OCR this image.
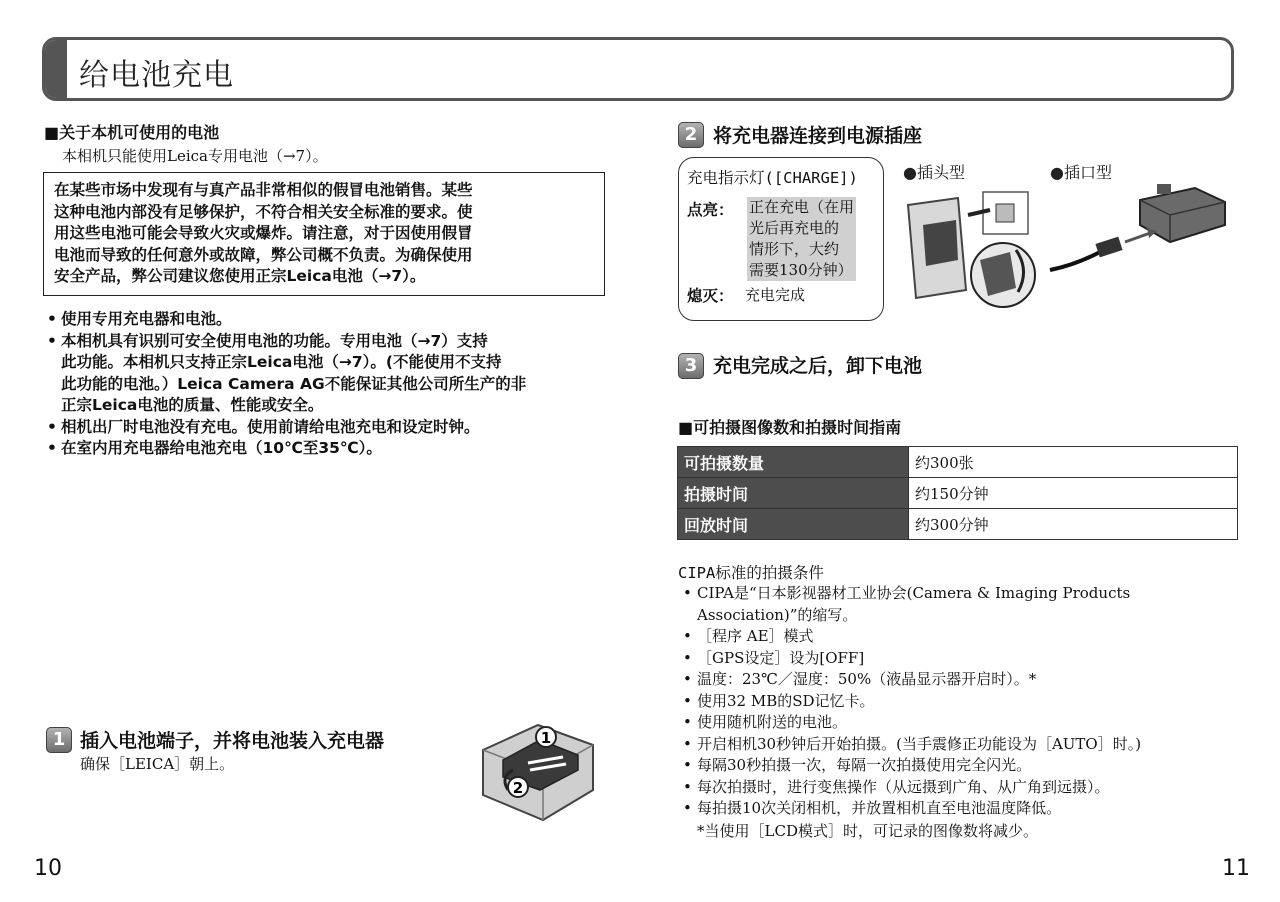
给电池充电
■关于本机可使用的电池
本相机只能使用Leica专用电池（→7）。
在某些市场中发现有与真产品非常相似的假冒电池销售。某些
这种电池内部没有足够保护，不符合相关安全标准的要求。使
用这些电池可能会导致火灾或爆炸。请注意，对于因使用假冒
电池而导致的任何意外或故障，弊公司概不负责。为确保使用
安全产品，弊公司建议您使用正宗Leica电池（→7）。
• 使用专用充电器和电池。
• 本相机具有识别可安全使用电池的功能。专用电池（→7）支持
此功能。本相机只支持正宗Leica电池（→7）。(不能使用不支持
此功能的电池。）Leica Camera AG不能保证其他公司所生产的非
正宗Leica电池的质量、性能或安全。
• 相机出厂时电池没有充电。使用前请给电池充电和设定时钟。
• 在室内用充电器给电池充电（10℃至35℃）。
1 插入电池端子，并将电池装入充电器
确保［LEICA］朝上。
1
2
10
2 将充电器连接到电源插座
充电指示灯([CHARGE])
点亮： 正在充电（在用
光后再充电的
情形下，大约
需要130分钟）
熄灭： 充电完成
●插头型	●插口型
3 充电完成之后，卸下电池
■可拍摄图像数和拍摄时间指南
可拍摄数量	约300张
拍摄时间	约150分钟
回放时间	约300分钟
CIPA标准的拍摄条件
• CIPA是“日本影视器材工业协会(Camera & Imaging Products
Association)”的缩写。
• ［程序 AE］模式
• ［GPS设定］设为[OFF]
• 温度：23℃／湿度：50%（液晶显示器开启时）。*
• 使用32 MB的SD记忆卡。
• 使用随机附送的电池。
• 开启相机30秒钟后开始拍摄。(当手震修正功能设为［AUTO］时。)
• 每隔30秒拍摄一次，每隔一次拍摄使用完全闪光。
• 每次拍摄时，进行变焦操作（从远摄到广角、从广角到远摄）。
• 每拍摄10次关闭相机，并放置相机直至电池温度降低。
*当使用［LCD模式］时，可记录的图像数将减少。
11
